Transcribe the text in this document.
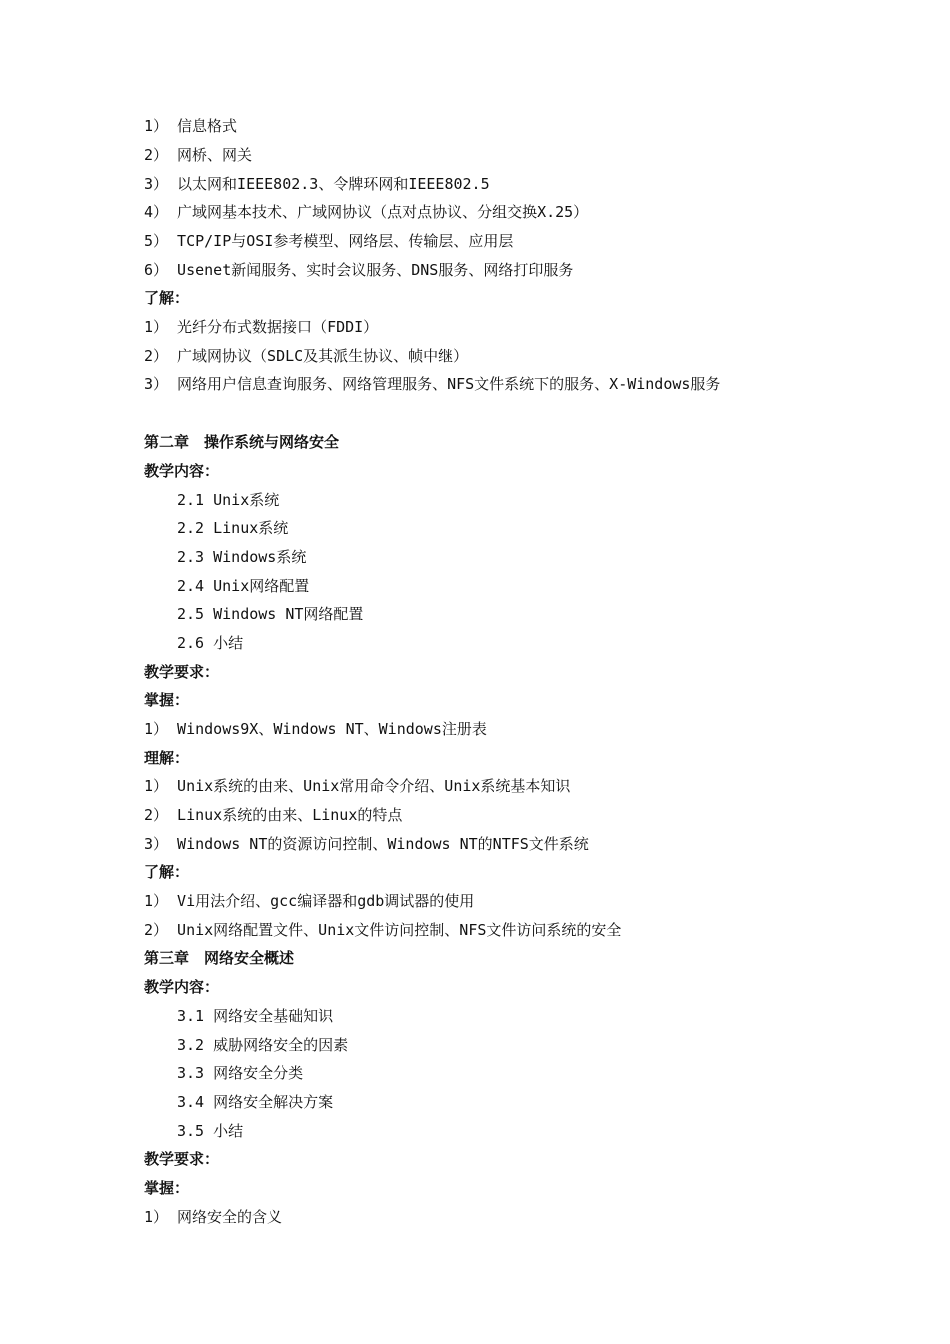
1） 信息格式
2） 网桥、网关
3） 以太网和IEEE802.3、令牌环网和IEEE802.5
4） 广域网基本技术、广域网协议（点对点协议、分组交换X.25）
5） TCP/IP与OSI参考模型、网络层、传输层、应用层
6） Usenet新闻服务、实时会议服务、DNS服务、网络打印服务
了解：
1） 光纤分布式数据接口（FDDI）
2） 广域网协议（SDLC及其派生协议、帧中继）
3） 网络用户信息查询服务、网络管理服务、NFS文件系统下的服务、X-Windows服务
第二章　操作系统与网络安全
教学内容：
2.1 Unix系统
2.2 Linux系统
2.3 Windows系统
2.4 Unix网络配置
2.5 Windows NT网络配置
2.6 小结
教学要求：
掌握：
1） Windows9X、Windows NT、Windows注册表
理解：
1） Unix系统的由来、Unix常用命令介绍、Unix系统基本知识
2） Linux系统的由来、Linux的特点
3） Windows NT的资源访问控制、Windows NT的NTFS文件系统
了解：
1） Vi用法介绍、gcc编译器和gdb调试器的使用
2） Unix网络配置文件、Unix文件访问控制、NFS文件访问系统的安全
第三章　网络安全概述
教学内容：
3.1 网络安全基础知识
3.2 威胁网络安全的因素
3.3 网络安全分类
3.4 网络安全解决方案
3.5 小结
教学要求：
掌握：
1） 网络安全的含义
